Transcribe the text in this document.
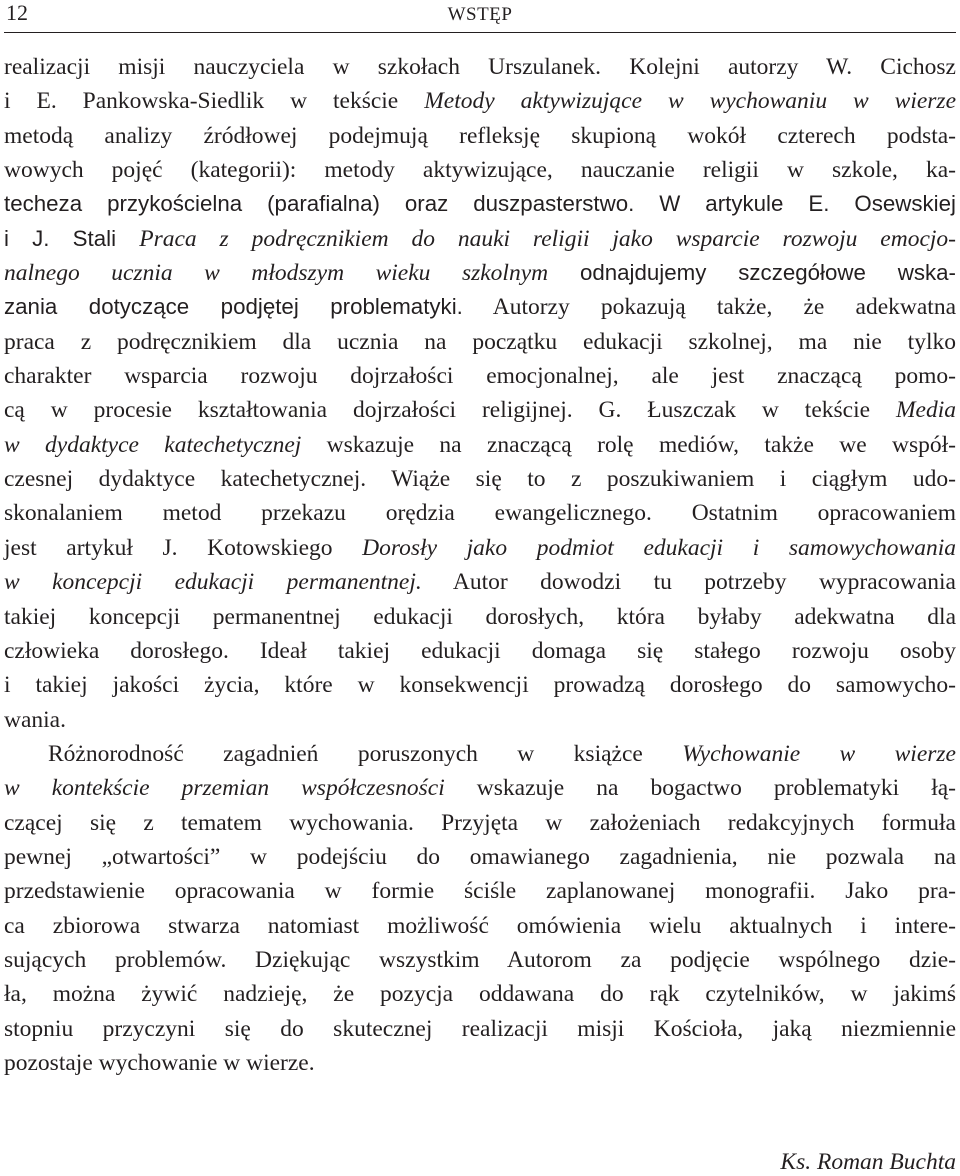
12	WSTĘP

realizacji misji nauczyciela w szkołach Urszulanek. Kolejni autorzy W. Cichosz
i E. Pankowska-Siedlik w tekście Metody aktywizujące w wychowaniu w wierze
metodą analizy źródłowej podejmują refleksję skupioną wokół czterech podsta-
wowych pojęć (kategorii): metody aktywizujące, nauczanie religii w szkole, ka-
techeza przykościelna (parafialna) oraz duszpasterstwo. W artykule E. Osewskiej
i J. Stali Praca z podręcznikiem do nauki religii jako wsparcie rozwoju emocjo-
nalnego ucznia w młodszym wieku szkolnym odnajdujemy szczegółowe wska-
zania dotyczące podjętej problematyki. Autorzy pokazują także, że adekwatna
praca z podręcznikiem dla ucznia na początku edukacji szkolnej, ma nie tylko
charakter wsparcia rozwoju dojrzałości emocjonalnej, ale jest znaczącą pomo-
cą w procesie kształtowania dojrzałości religijnej. G. Łuszczak w tekście Media
w dydaktyce katechetycznej wskazuje na znaczącą rolę mediów, także we współ-
czesnej dydaktyce katechetycznej. Wiąże się to z poszukiwaniem i ciągłym udo-
skonalaniem metod przekazu orędzia ewangelicznego. Ostatnim opracowaniem
jest artykuł J. Kotowskiego Dorosły jako podmiot edukacji i samowychowania
w koncepcji edukacji permanentnej. Autor dowodzi tu potrzeby wypracowania
takiej koncepcji permanentnej edukacji dorosłych, która byłaby adekwatna dla
człowieka dorosłego. Ideał takiej edukacji domaga się stałego rozwoju osoby
i takiej jakości życia, które w konsekwencji prowadzą dorosłego do samowycho-
wania.

Różnorodność zagadnień poruszonych w książce Wychowanie w wierze
w kontekście przemian współczesności wskazuje na bogactwo problematyki łą-
czącej się z tematem wychowania. Przyjęta w założeniach redakcyjnych formuła
pewnej „otwartości” w podejściu do omawianego zagadnienia, nie pozwala na
przedstawienie opracowania w formie ściśle zaplanowanej monografii. Jako pra-
ca zbiorowa stwarza natomiast możliwość omówienia wielu aktualnych i intere-
sujących problemów. Dziękując wszystkim Autorom za podjęcie wspólnego dzie-
ła, można żywić nadzieję, że pozycja oddawana do rąk czytelników, w jakimś
stopniu przyczyni się do skutecznej realizacji misji Kościoła, jaką niezmiennie
pozostaje wychowanie w wierze.

Ks. Roman Buchta
